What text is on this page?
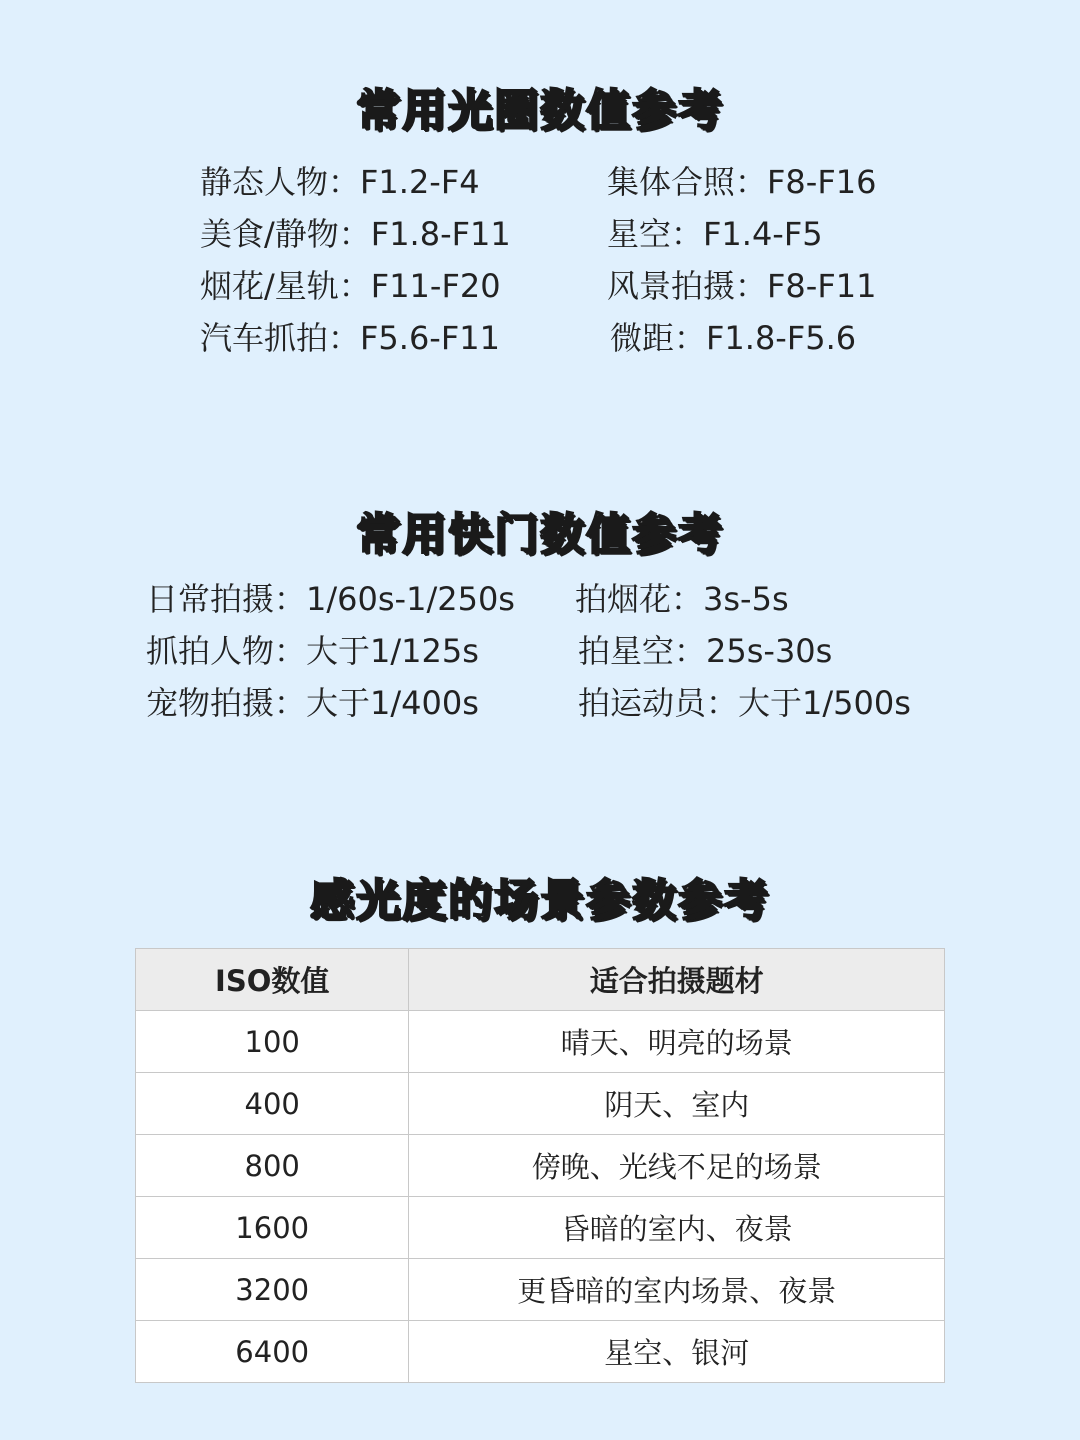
常用光圈数值参考
静态人物：F1.2-F4
美食/静物：F1.8-F11
烟花/星轨：F11-F20
汽车抓拍：F5.6-F11
集体合照：F8-F16
星空：F1.4-F5
风景拍摄：F8-F11
微距：F1.8-F5.6
常用快门数值参考
日常拍摄：1/60s-1/250s
抓拍人物：大于1/125s
宠物拍摄：大于1/400s
拍烟花：3s-5s
拍星空：25s-30s
拍运动员：大于1/500s
感光度的场景参数参考
ISO数值	适合拍摄题材
100	晴天、明亮的场景
400	阴天、室内
800	傍晚、光线不足的场景
1600	昏暗的室内、夜景
3200	更昏暗的室内场景、夜景
6400	星空、银河
